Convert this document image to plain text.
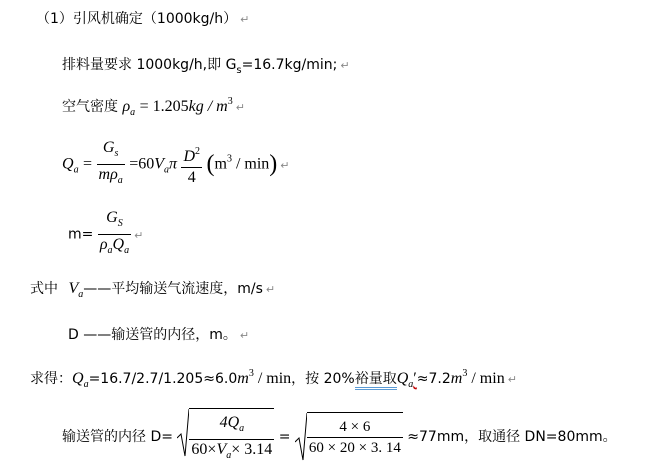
（1）引风机确定（1000kg/h） ↵
排料量要求 1000kg/h,即 $G_s=16.7kg/\min$; ↵
空气密度 $\rho_a = 1.205kg / m^3$ ↵
$Q_a = \frac{G_s}{m\rho_a} =60V_a\pi \frac{D^2}{4} (m^3 / \min)$ ↵
$m= \frac{G_S}{\rho_aQ_a}$ ↵
式中 $V_a——$平均输送气流速度，m/s ↵
D ——输送管的内径，m。 ↵
求得：$Q_a=16.7/2.7/1.205\approx 6.0m^3 / \min$，按 20%裕量取$Q_a'\approx 7.2m^3 / \min$ ↵
输送管的内径 $D= \frac{4Q_a}{60\times V_a\times 3.14} = \frac{4 \times 6}{60 \times 20 \times 3. 14} \approx 77mm$，取通径 DN=80mm。
